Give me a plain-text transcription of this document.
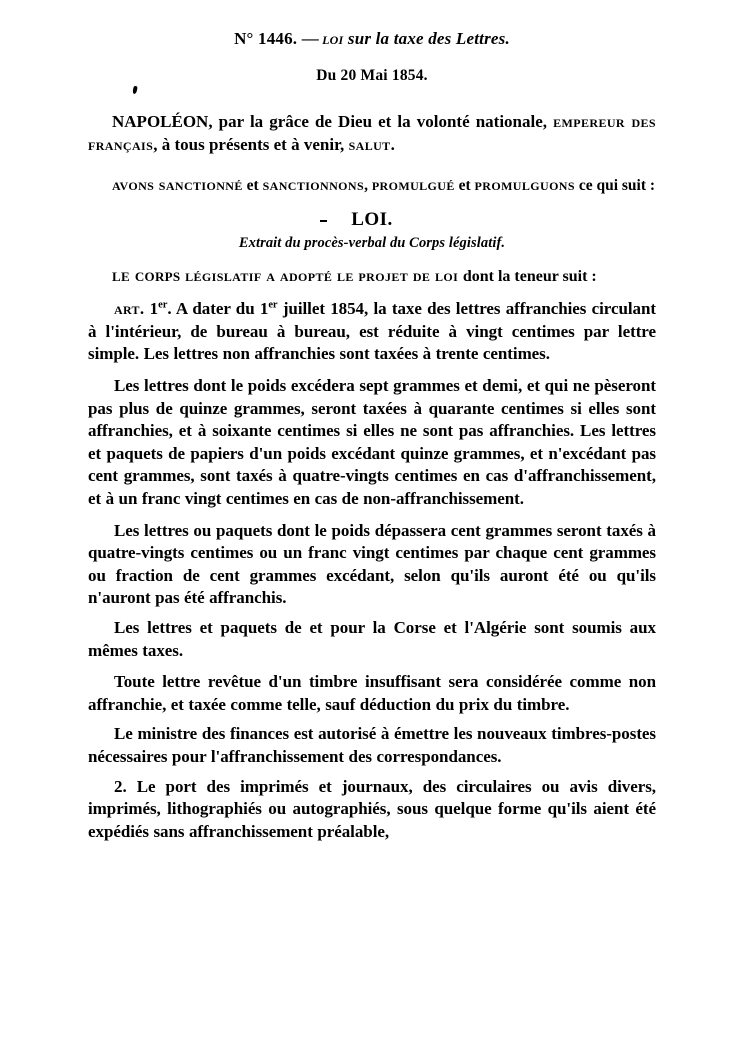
N° 1446. — loi sur la taxe des Lettres.
Du 20 Mai 1854.
NAPOLÉON, par la grâce de Dieu et la volonté nationale, empereur des français, à tous présents et à venir, salut.
avons sanctionné et sanctionnons, promulgué et promulguons ce qui suit :
LOI.
Extrait du procès-verbal du Corps législatif.
le corps législatif a adopté le projet de loi dont la teneur suit :

art. 1er. A dater du 1er juillet 1854, la taxe des lettres affranchies circulant à l'intérieur, de bureau à bureau, est réduite à vingt centimes par lettre simple. Les lettres non affranchies sont taxées à trente centimes.

Les lettres dont le poids excédera sept grammes et demi, et qui ne pèseront pas plus de quinze grammes, seront taxées à quarante centimes si elles sont affranchies, et à soixante centimes si elles ne sont pas affranchies. Les lettres et paquets de papiers d'un poids excédant quinze grammes, et n'excédant pas cent grammes, sont taxés à quatre-vingts centimes en cas d'affranchissement, et à un franc vingt centimes en cas de non-affranchissement.

Les lettres ou paquets dont le poids dépassera cent grammes seront taxés à quatre-vingts centimes ou un franc vingt centimes par chaque cent grammes ou fraction de cent grammes excédant, selon qu'ils auront été ou qu'ils n'auront pas été affranchis.

Les lettres et paquets de et pour la Corse et l'Algérie sont soumis aux mêmes taxes.

Toute lettre revêtue d'un timbre insuffisant sera considérée comme non affranchie, et taxée comme telle, sauf déduction du prix du timbre.

Le ministre des finances est autorisé à émettre les nouveaux timbres-postes nécessaires pour l'affranchissement des correspondances.

2. Le port des imprimés et journaux, des circulaires ou avis divers, imprimés, lithographiés ou autographiés, sous quelque forme qu'ils aient été expédiés sans affranchissement préalable,
